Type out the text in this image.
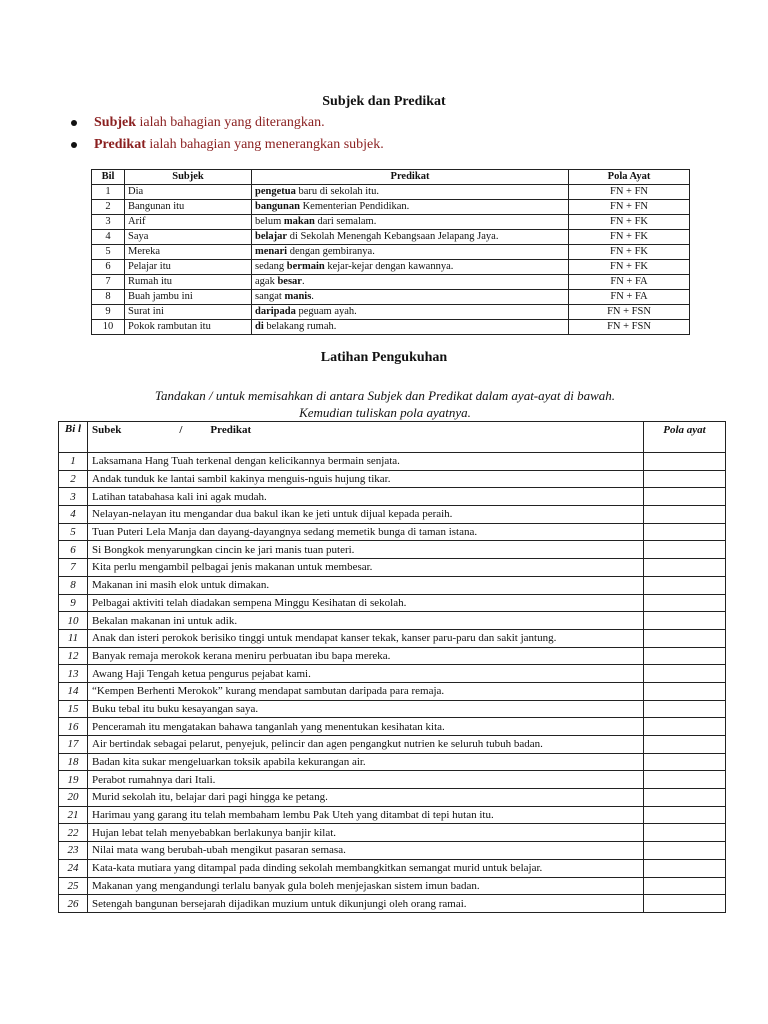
Subjek dan Predikat
Subjek ialah bahagian yang diterangkan.
Predikat ialah bahagian yang menerangkan subjek.
Bil	Subjek	Predikat	Pola Ayat
1	Dia	pengetua baru di sekolah itu.	FN + FN
2	Bangunan itu	bangunan Kementerian Pendidikan.	FN + FN
3	Arif	belum makan dari semalam.	FN + FK
4	Saya	belajar di Sekolah Menengah Kebangsaan Jelapang Jaya.	FN + FK
5	Mereka	menari dengan gembiranya.	FN + FK
6	Pelajar itu	sedang bermain kejar-kejar dengan kawannya.	FN + FK
7	Rumah itu	agak besar.	FN + FA
8	Buah jambu ini	sangat manis.	FN + FA
9	Surat ini	daripada peguam ayah.	FN + FSN
10	Pokok rambutan itu	di belakang rumah.	FN + FSN
Latihan Pengukuhan
Tandakan / untuk memisahkan di antara Subjek dan Predikat dalam ayat-ayat di bawah.
Kemudian tuliskan pola ayatnya.
Bi l	Subek / Predikat	Pola ayat
1	Laksamana Hang Tuah terkenal dengan kelicikannya bermain senjata.	
2	Andak tunduk ke lantai sambil kakinya menguis-nguis hujung tikar.	
3	Latihan tatabahasa kali ini agak mudah.	
4	Nelayan-nelayan itu mengandar dua bakul ikan ke jeti untuk dijual kepada peraih.	
5	Tuan Puteri Lela Manja dan dayang-dayangnya sedang memetik bunga di taman istana.	
6	Si Bongkok menyarungkan cincin ke jari manis tuan puteri.	
7	Kita perlu mengambil pelbagai jenis makanan untuk membesar.	
8	Makanan ini masih elok untuk dimakan.	
9	Pelbagai aktiviti telah diadakan sempena Minggu Kesihatan di sekolah.	
10	Bekalan makanan ini untuk adik.	
11	Anak dan isteri perokok berisiko tinggi untuk mendapat kanser tekak, kanser paru-paru dan sakit jantung.	
12	Banyak remaja merokok kerana meniru perbuatan ibu bapa mereka.	
13	Awang Haji Tengah ketua pengurus pejabat kami.	
14	“Kempen Berhenti Merokok” kurang mendapat sambutan daripada para remaja.	
15	Buku tebal itu buku kesayangan saya.	
16	Penceramah itu mengatakan bahawa tanganlah yang menentukan kesihatan kita.	
17	Air bertindak sebagai pelarut, penyejuk, pelincir dan agen pengangkut nutrien ke seluruh tubuh badan.	
18	Badan kita sukar mengeluarkan toksik apabila kekurangan air.	
19	Perabot rumahnya dari Itali.	
20	Murid sekolah itu, belajar dari pagi hingga ke petang.	
21	Harimau yang garang itu telah membaham lembu Pak Uteh yang ditambat di tepi hutan itu.	
22	Hujan lebat telah menyebabkan berlakunya banjir kilat.	
23	Nilai mata wang berubah-ubah mengikut pasaran semasa.	
24	Kata-kata mutiara yang ditampal pada dinding sekolah membangkitkan semangat murid untuk belajar.	
25	Makanan yang mengandungi terlalu banyak gula boleh menjejaskan sistem imun badan.	
26	Setengah bangunan bersejarah dijadikan muzium untuk dikunjungi oleh orang ramai.	
